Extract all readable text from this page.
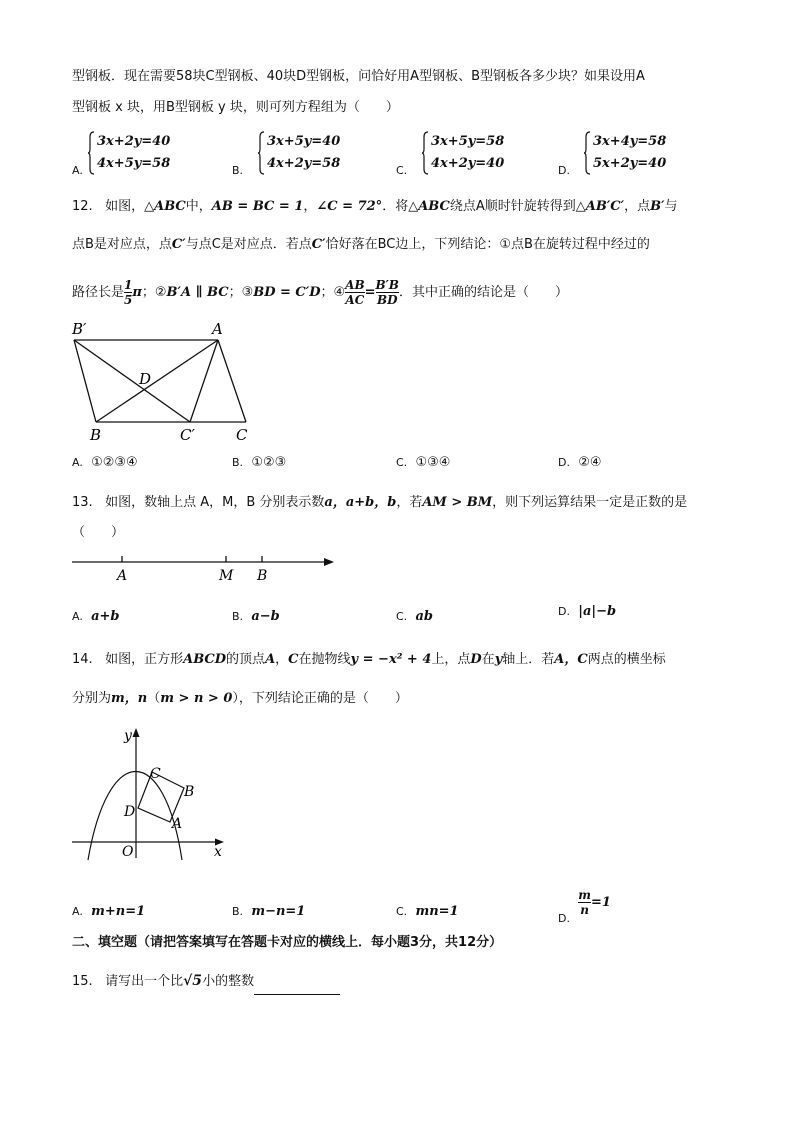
型钢板．现在需要58块C型钢板、40块D型钢板，问恰好用A型钢板、B型钢板各多少块？如果设用A
型钢板 x 块，用B型钢板 y 块，则可列方程组为（　　）
A.
3x+2y=40
4x+5y=58	B.
3x+5y=40
4x+2y=58	C.
3x+5y=58
4x+2y=40	D.
3x+4y=58
5x+2y=40
12. 如图，△ABC中，AB = BC = 1，∠C = 72°．将△ABC绕点A顺时针旋转得到△AB′C′，点B′与
点B是对应点，点C′与点C是对应点．若点C′恰好落在BC边上，下列结论：①点B在旋转过程中经过的
路径长是 $\frac{1}{5}$ π；②B′A ∥ BC；③BD = C′D；④ $\frac{AB}{AC} = \frac{B'B}{BD}$ ．其中正确的结论是（　　）
B′	A
D
B	C′	C
A. ①②③④	B. ①②③	C. ①③④	D. ②④
13. 如图，数轴上点 A，M，B 分别表示数a，a+b，b，若AM > BM，则下列运算结果一定是正数的是
（　　）
A	M B
A. a+b	B. a−b	C. ab	D. |a|−b
14. 如图，正方形ABCD的顶点A，C在抛物线y = −x² + 4上，点D在y轴上．若A，C两点的横坐标
分别为m，n（m > n > 0），下列结论正确的是（　　）
y
x
O
C
B
D
A
A. m+n=1	B. m−n=1	C. mn=1	$_{D.}$
$\frac{m}{n} =1$
二、填空题（请把答案填写在答题卡对应的横线上．每小题3分，共12分）
15. 请写出一个比√5小的整数
